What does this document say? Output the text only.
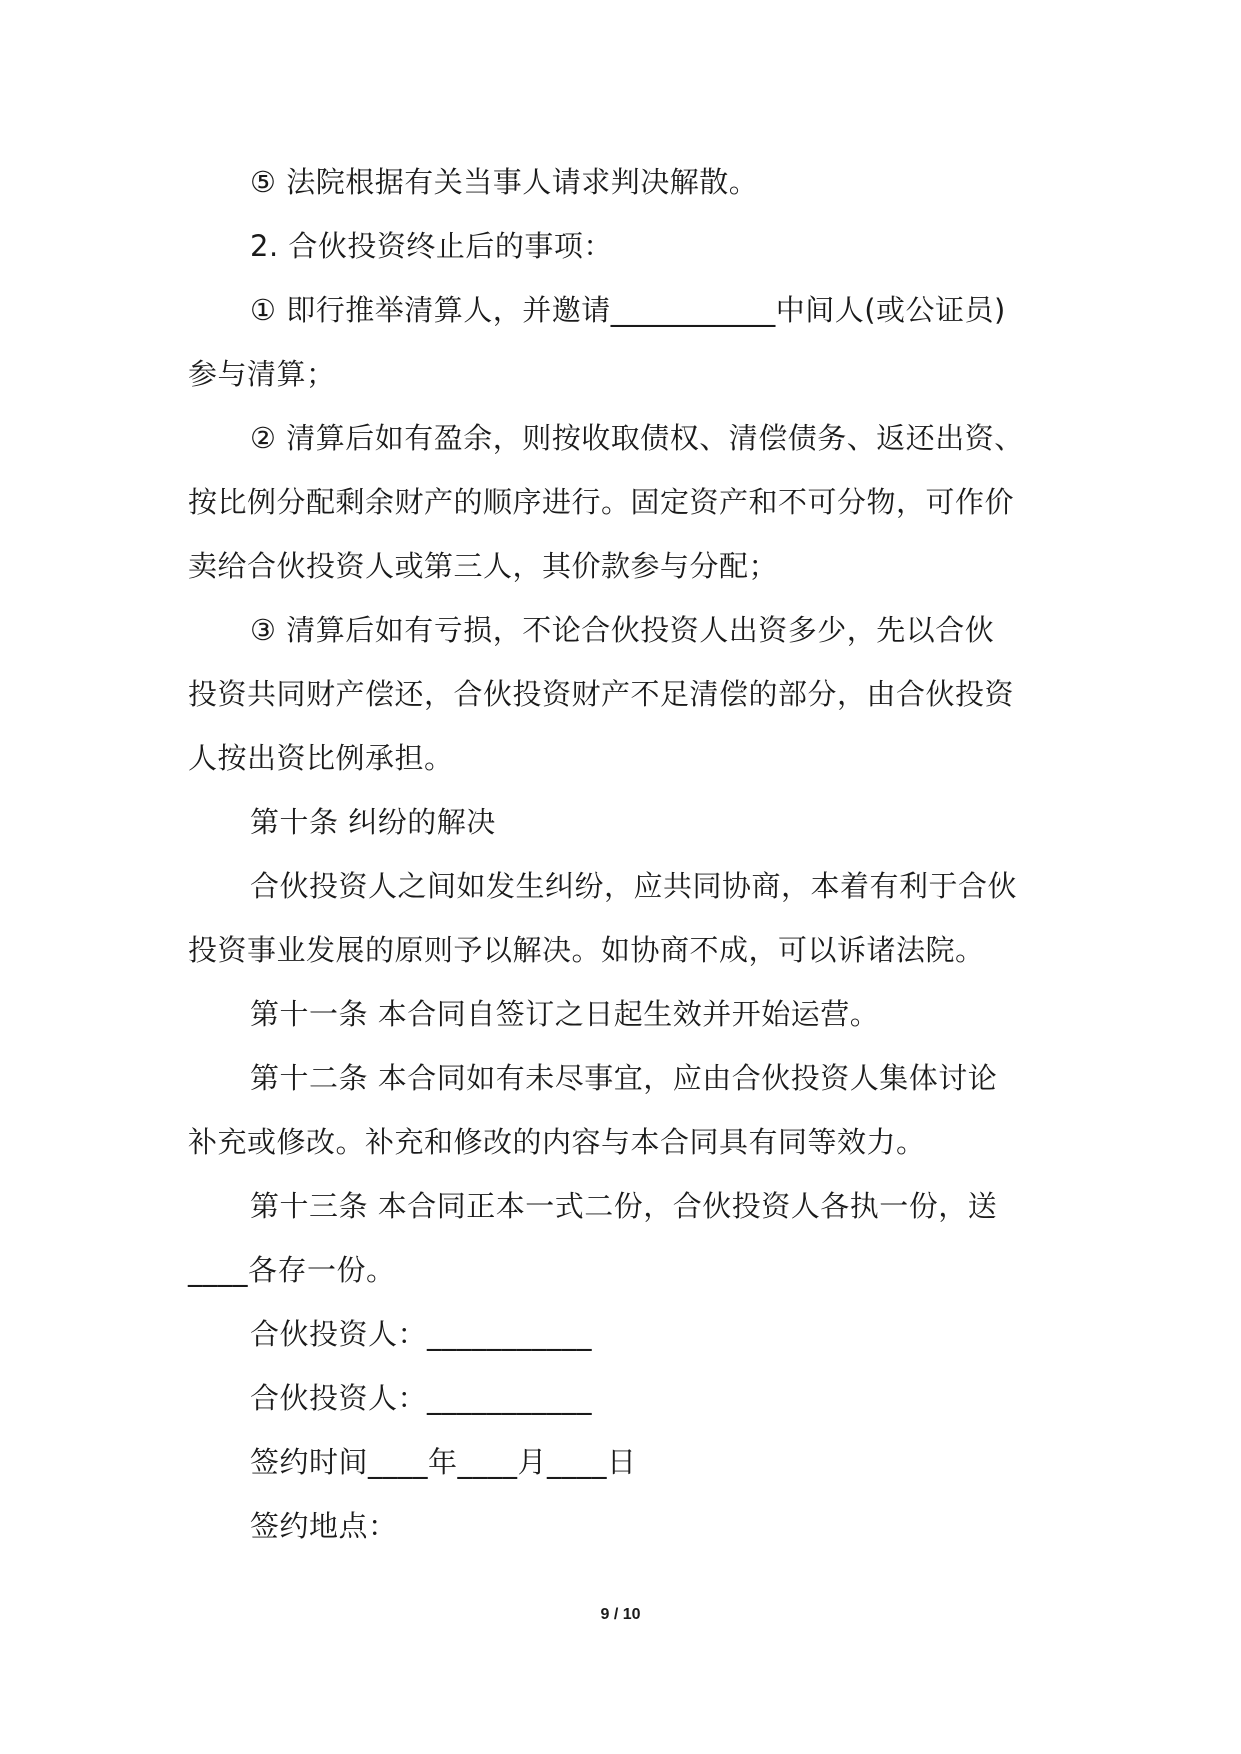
⑤ 法院根据有关当事人请求判决解散。
2. 合伙投资终止后的事项：
① 即行推举清算人，并邀请___________中间人(或公证员)
参与清算；
② 清算后如有盈余，则按收取债权、清偿债务、返还出资、
按比例分配剩余财产的顺序进行。固定资产和不可分物，可作价
卖给合伙投资人或第三人，其价款参与分配；
③ 清算后如有亏损，不论合伙投资人出资多少，先以合伙
投资共同财产偿还，合伙投资财产不足清偿的部分，由合伙投资
人按出资比例承担。
第十条 纠纷的解决
合伙投资人之间如发生纠纷，应共同协商，本着有利于合伙
投资事业发展的原则予以解决。如协商不成，可以诉诸法院。
第十一条 本合同自签订之日起生效并开始运营。
第十二条 本合同如有未尽事宜，应由合伙投资人集体讨论
补充或修改。补充和修改的内容与本合同具有同等效力。
第十三条 本合同正本一式二份，合伙投资人各执一份，送
____各存一份。
合伙投资人：___________
合伙投资人：___________
签约时间____年____月____日
签约地点：
9 / 10
